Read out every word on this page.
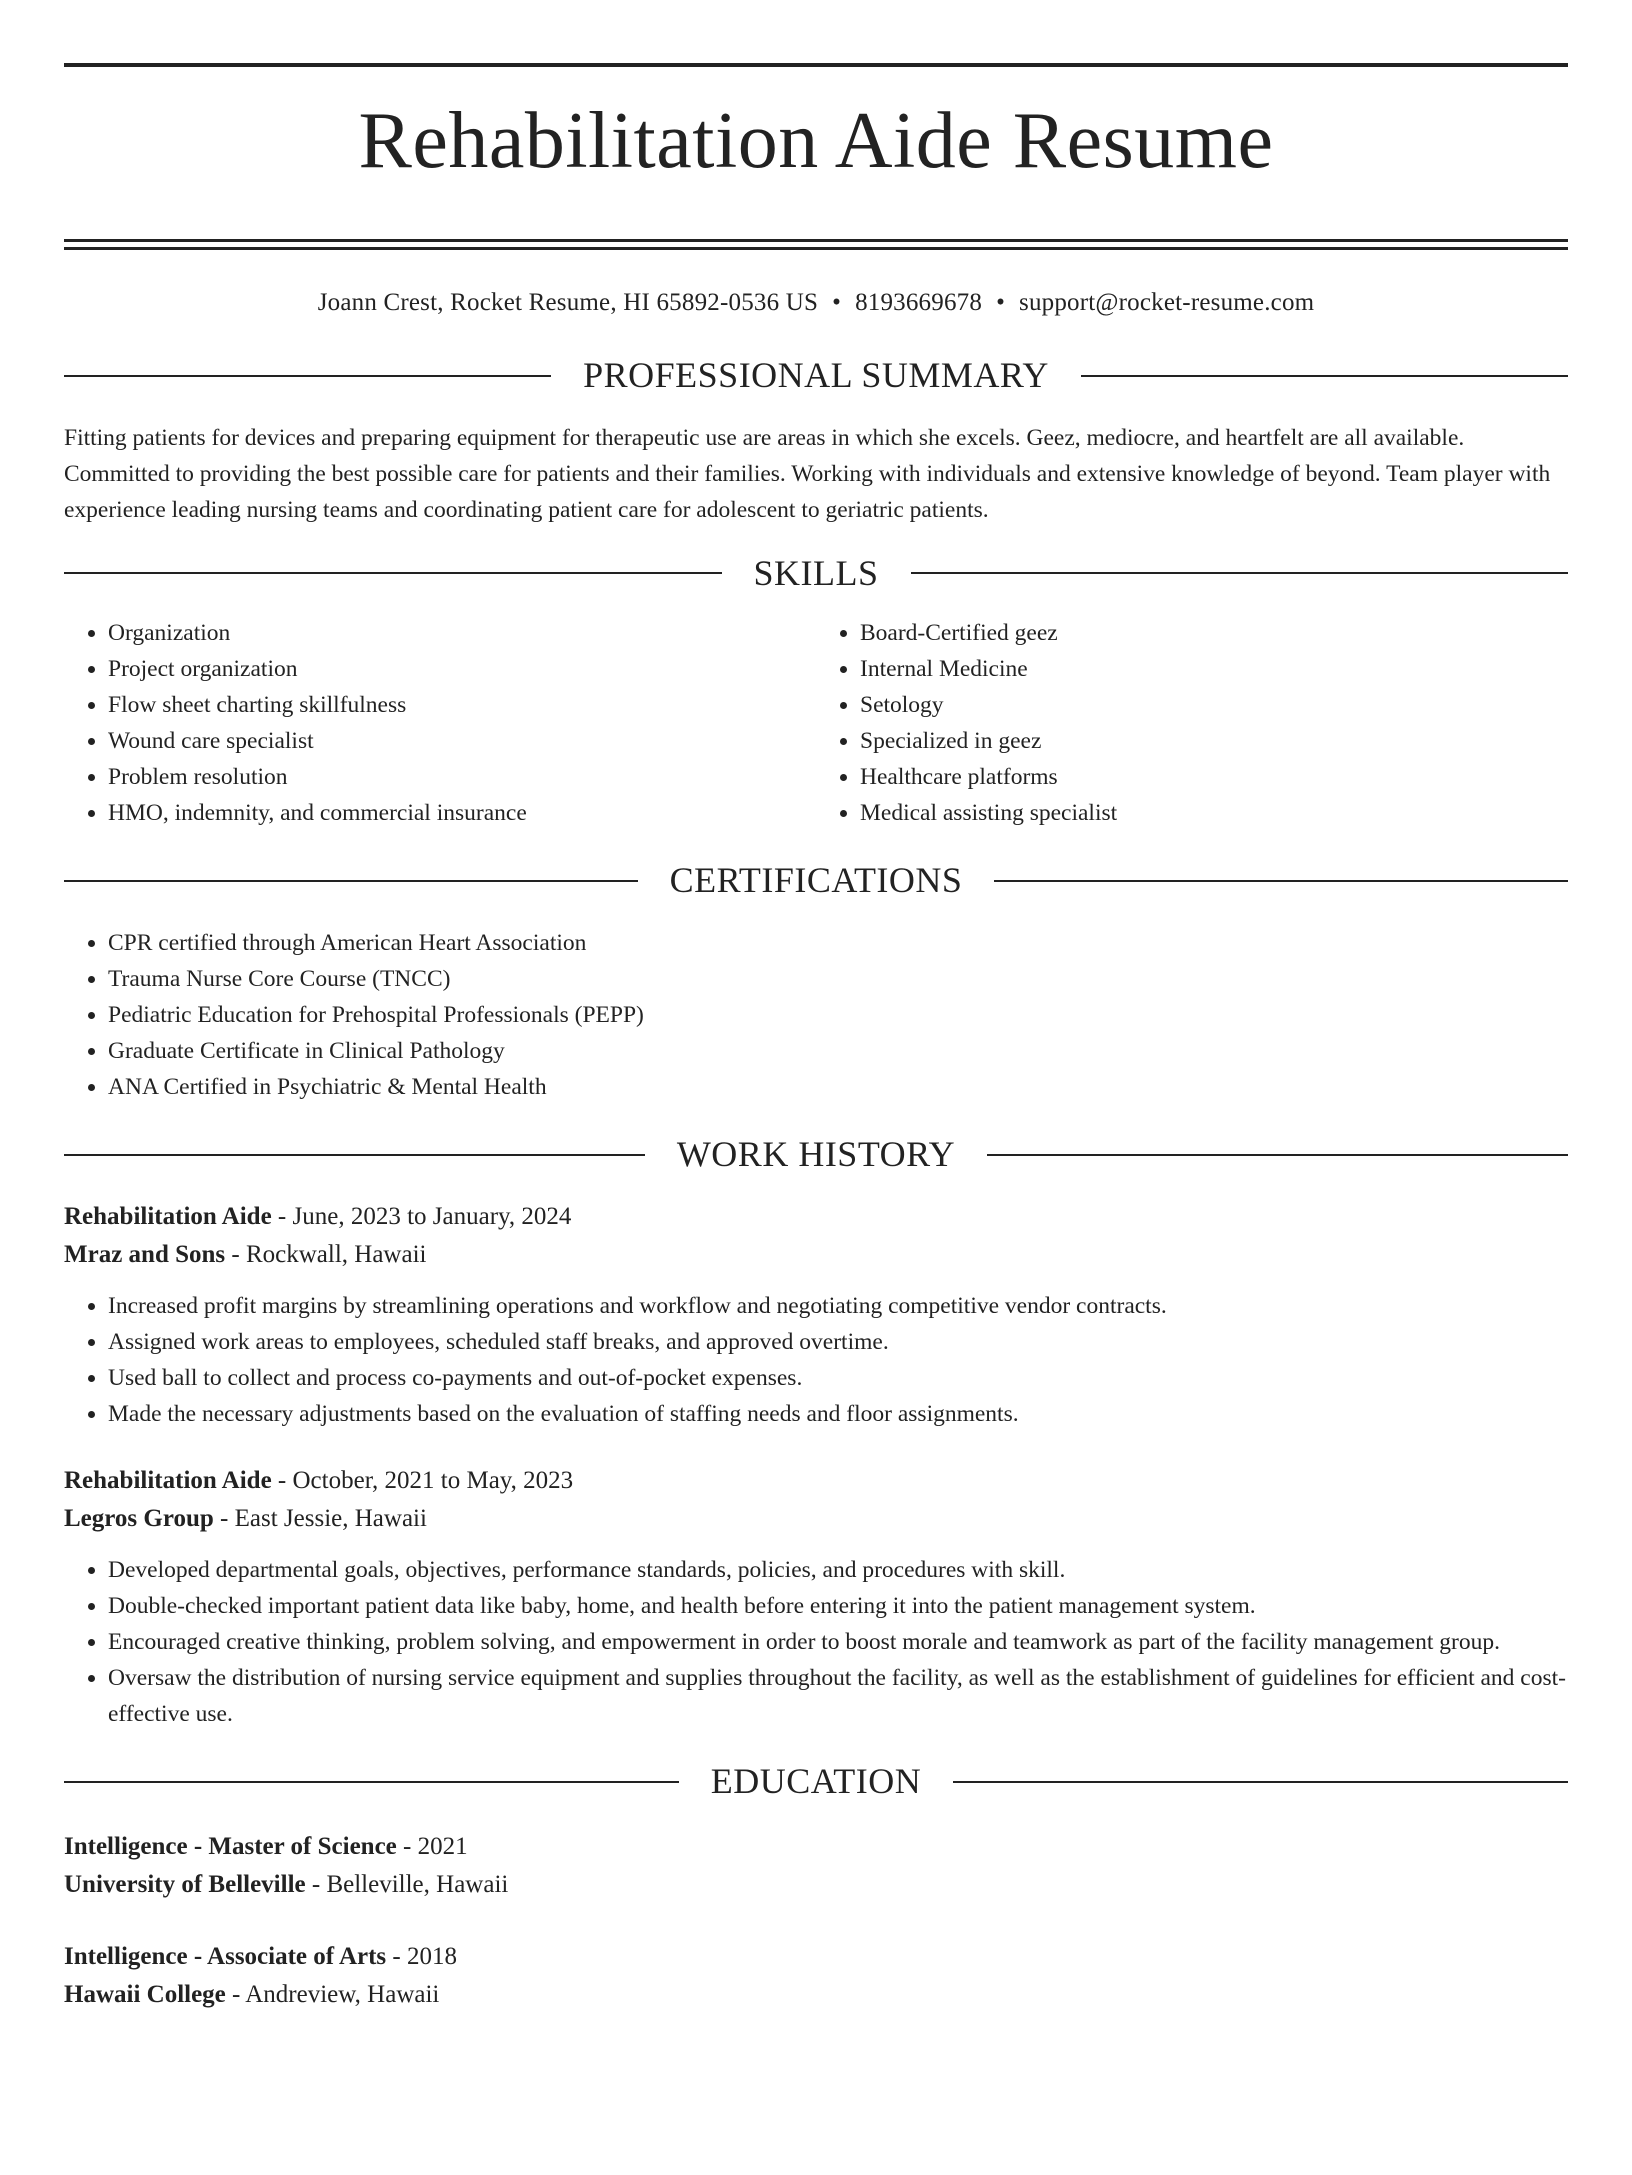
Rehabilitation Aide Resume
Joann Crest, Rocket Resume, HI 65892-0536 US • 8193669678 • support@rocket-resume.com
PROFESSIONAL SUMMARY

Fitting patients for devices and preparing equipment for therapeutic use are areas in which she excels. Geez, mediocre, and heartfelt are all available. Committed to providing the best possible care for patients and their families. Working with individuals and extensive knowledge of beyond. Team player with experience leading nursing teams and coordinating patient care for adolescent to geriatric patients.

SKILLS
• Organization
• Project organization
• Flow sheet charting skillfulness
• Wound care specialist
• Problem resolution
• HMO, indemnity, and commercial insurance
• Board-Certified geez
• Internal Medicine
• Setology
• Specialized in geez
• Healthcare platforms
• Medical assisting specialist
CERTIFICATIONS
• CPR certified through American Heart Association
• Trauma Nurse Core Course (TNCC)
• Pediatric Education for Prehospital Professionals (PEPP)
• Graduate Certificate in Clinical Pathology
• ANA Certified in Psychiatric & Mental Health
WORK HISTORY
Rehabilitation Aide - June, 2023 to January, 2024
Mraz and Sons - Rockwall, Hawaii
• Increased profit margins by streamlining operations and workflow and negotiating competitive vendor contracts.
• Assigned work areas to employees, scheduled staff breaks, and approved overtime.
• Used ball to collect and process co-payments and out-of-pocket expenses.
• Made the necessary adjustments based on the evaluation of staffing needs and floor assignments.
Rehabilitation Aide - October, 2021 to May, 2023
Legros Group - East Jessie, Hawaii
• Developed departmental goals, objectives, performance standards, policies, and procedures with skill.
• Double-checked important patient data like baby, home, and health before entering it into the patient management system.
• Encouraged creative thinking, problem solving, and empowerment in order to boost morale and teamwork as part of the facility management group.
• Oversaw the distribution of nursing service equipment and supplies throughout the facility, as well as the establishment of guidelines for efficient and cost-effective use.
EDUCATION
Intelligence - Master of Science - 2021
University of Belleville - Belleville, Hawaii
Intelligence - Associate of Arts - 2018
Hawaii College - Andreview, Hawaii
